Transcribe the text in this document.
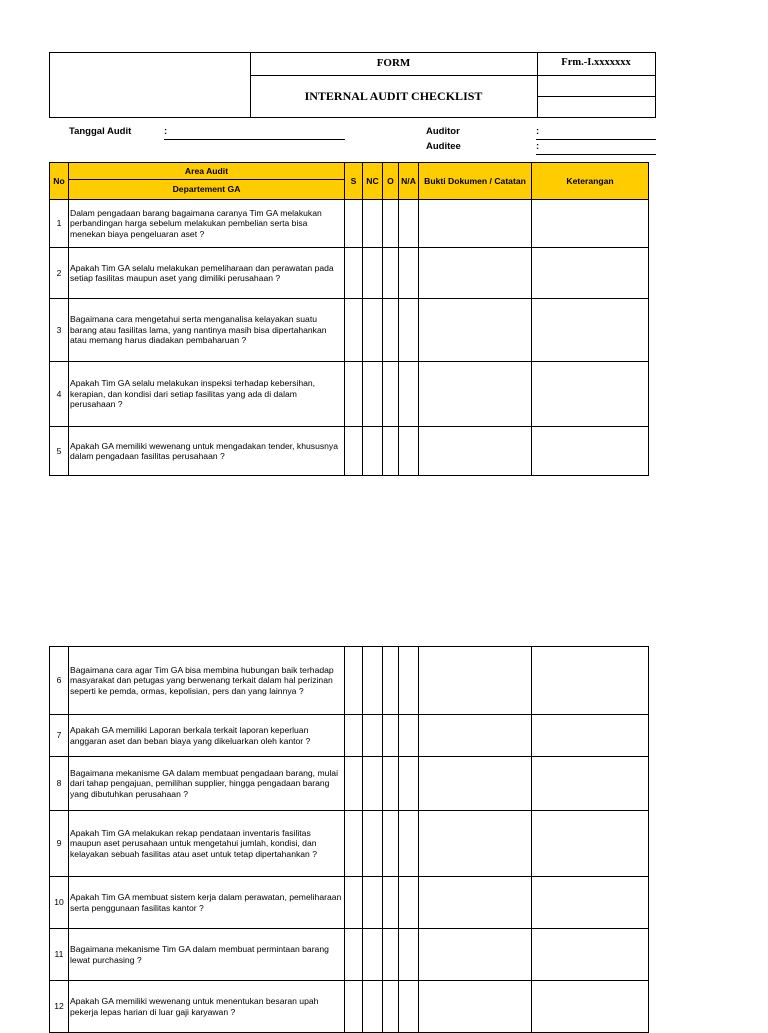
FORM
INTERNAL AUDIT CHECKLIST
Frm.-I.xxxxxxx
Tanggal Audit	:	Auditor	:
Auditee	:
No	Area Audit	S	NC	O	N/A	Bukti Dokumen / Catatan	Keterangan
	Departement GA						
1	Dalam pengadaan barang bagaimana caranya Tim GA melakukan perbandingan harga sebelum melakukan pembelian serta bisa menekan biaya pengeluaran aset ?						
2	Apakah Tim GA selalu melakukan pemeliharaan dan perawatan pada setiap fasilitas maupun aset yang dimiliki perusahaan ?						
3	Bagaimana cara mengetahui serta menganalisa kelayakan suatu barang atau fasilitas lama, yang nantinya masih bisa dipertahankan atau memang harus diadakan pembaharuan ?						
4	Apakah Tim GA selalu melakukan inspeksi terhadap kebersihan, kerapian, dan kondisi dari setiap fasilitas yang ada di dalam perusahaan ?						
5	Apakah GA memiliki wewenang untuk mengadakan tender, khususnya dalam pengadaan fasilitas perusahaan ?						
6	Bagaimana cara agar Tim GA bisa membina hubungan baik terhadap masyarakat dan petugas yang berwenang terkait dalam hal perizinan seperti ke pemda, ormas, kepolisian, pers dan yang lainnya ?						
7	Apakah GA memiliki Laporan berkala terkait laporan keperluan anggaran aset dan beban biaya yang dikeluarkan oleh kantor ?						
8	Bagaimana mekanisme GA dalam membuat pengadaan barang, mulai dari tahap pengajuan, pemilihan supplier, hingga pengadaan barang yang dibutuhkan perusahaan ?						
9	Apakah Tim GA melakukan rekap pendataan inventaris fasilitas maupun aset perusahaan untuk mengetahui jumlah, kondisi, dan kelayakan sebuah fasilitas atau aset untuk tetap dipertahankan ?						
10	Apakah Tim GA membuat sistem kerja dalam perawatan, pemeliharaan serta penggunaan fasilitas kantor ?						
11	Bagaimana mekanisme Tim GA dalam membuat permintaan barang lewat purchasing ?						
12	Apakah GA memiliki wewenang untuk menentukan besaran upah pekerja lepas harian di luar gaji karyawan ?						
